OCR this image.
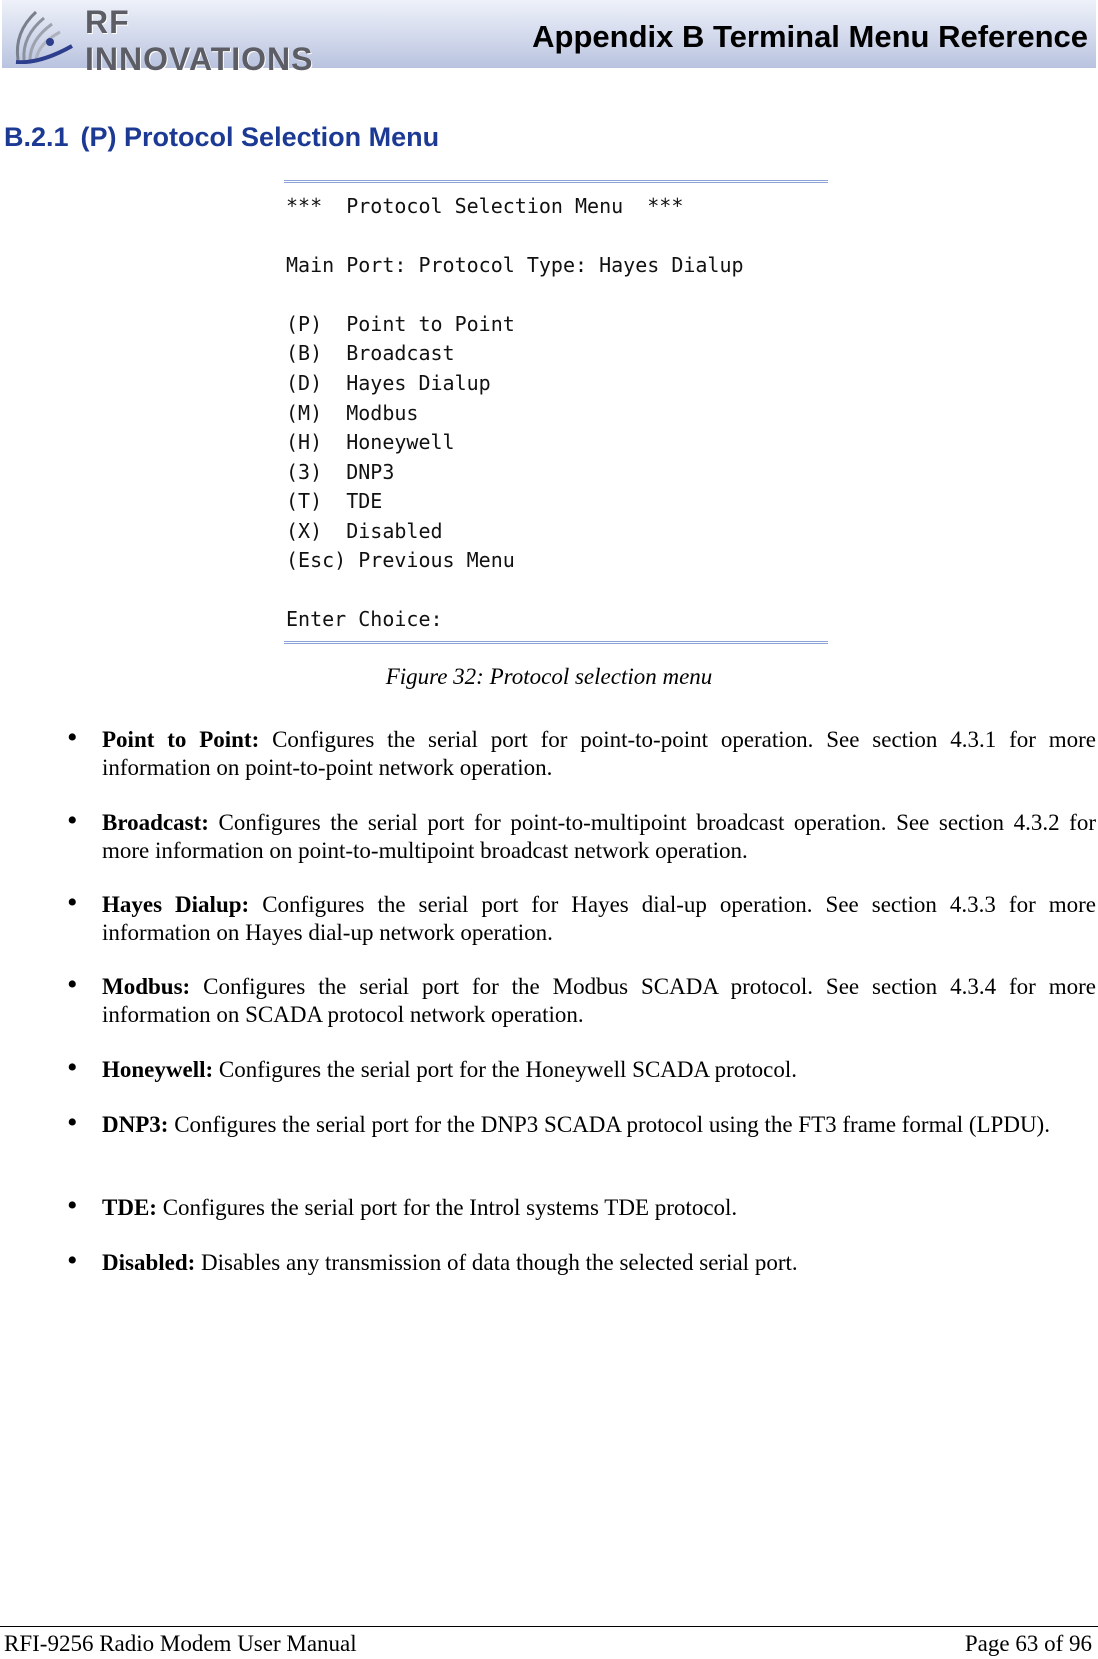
RF INNOVATIONS
Appendix B Terminal Menu Reference
B.2.1 (P) Protocol Selection Menu
***  Protocol Selection Menu  ***
Main Port: Protocol Type: Hayes Dialup
(P) Point to Point
(B) Broadcast
(D) Hayes Dialup
(M) Modbus
(H) Honeywell
(3) DNP3
(T) TDE
(X) Disabled
(Esc) Previous Menu
Enter Choice:
Figure 32: Protocol selection menu
• Point to Point: Configures the serial port for point-to-point operation. See section 4.3.1 for more information on point-to-point network operation.
• Broadcast: Configures the serial port for point-to-multipoint broadcast operation. See section 4.3.2 for more information on point-to-multipoint broadcast network operation.
• Hayes Dialup: Configures the serial port for Hayes dial-up operation. See section 4.3.3 for more information on Hayes dial-up network operation.
• Modbus: Configures the serial port for the Modbus SCADA protocol. See section 4.3.4 for more information on SCADA protocol network operation.
• Honeywell: Configures the serial port for the Honeywell SCADA protocol.
• DNP3: Configures the serial port for the DNP3 SCADA protocol using the FT3 frame formal (LPDU).
• TDE: Configures the serial port for the Introl systems TDE protocol.
• Disabled: Disables any transmission of data though the selected serial port.
RFI-9256 Radio Modem User Manual	Page 63 of 96
